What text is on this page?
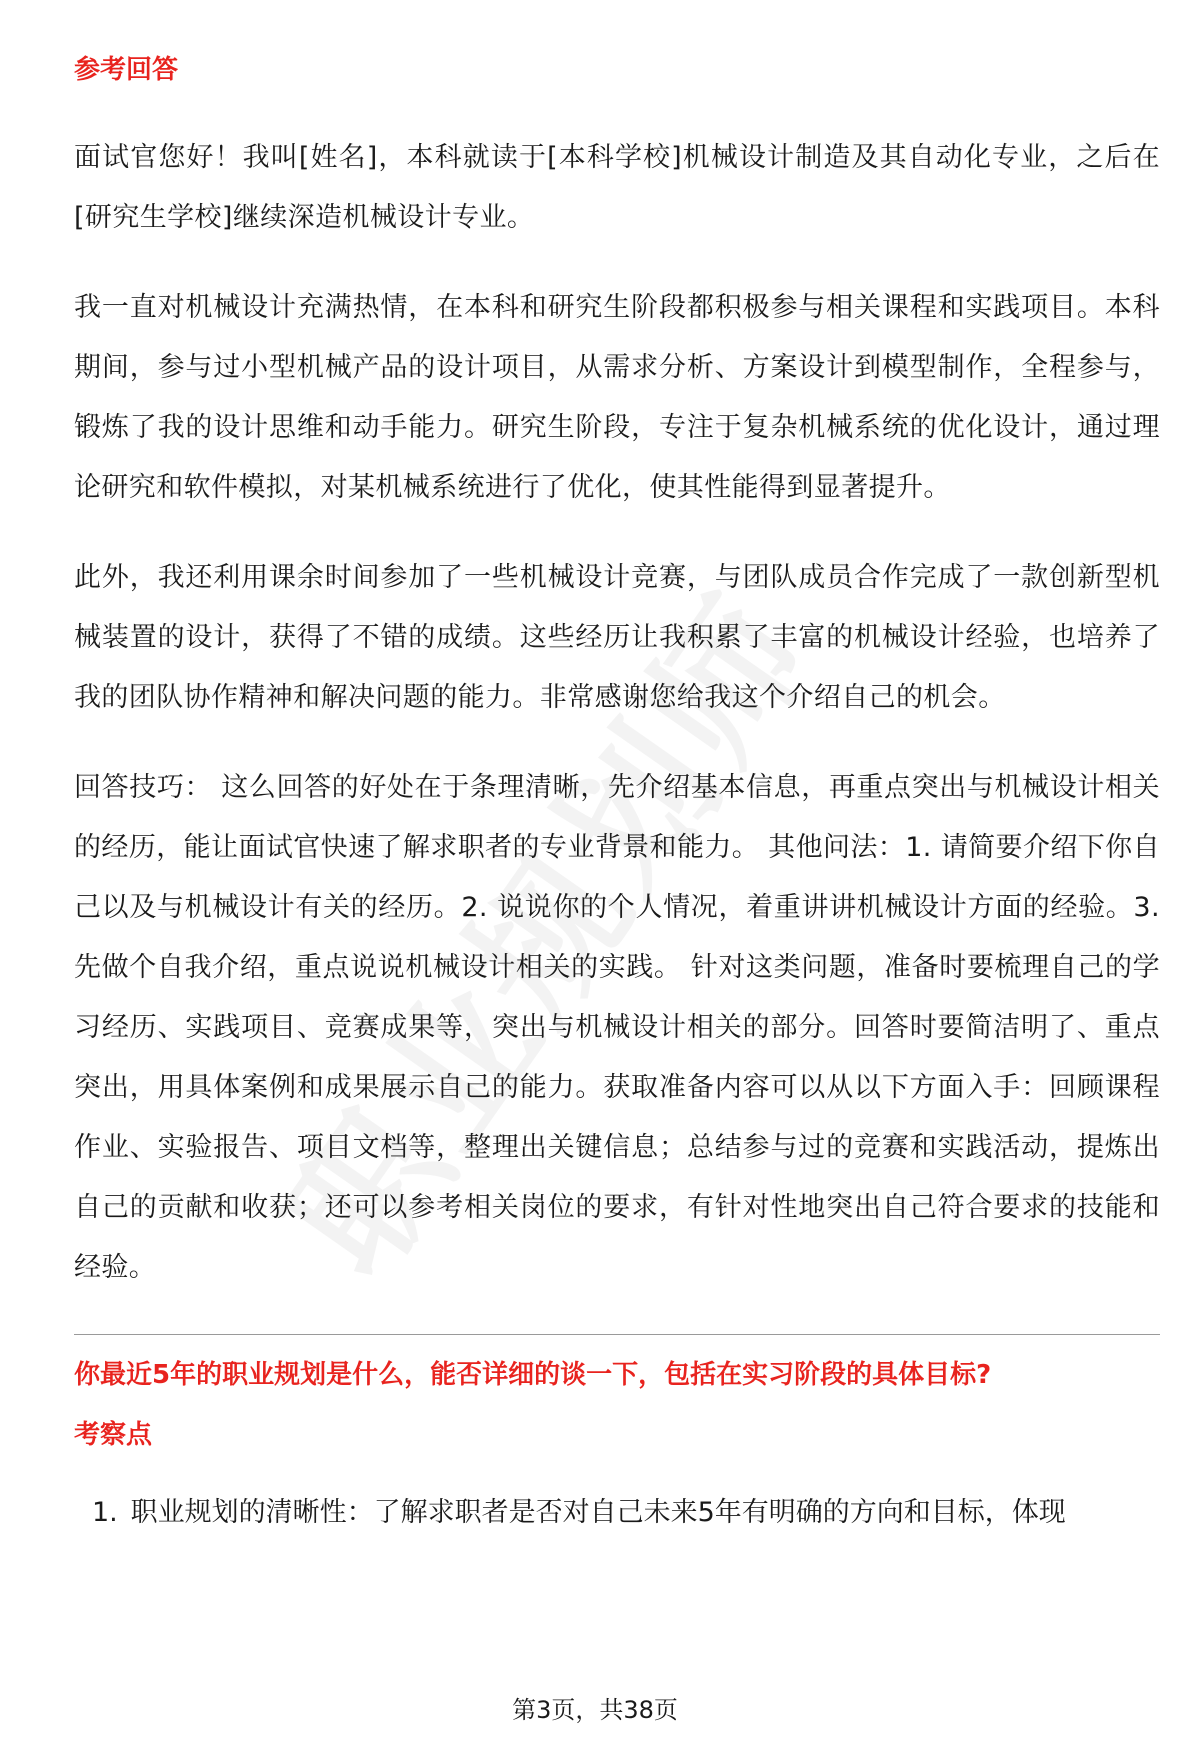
参考回答

面试官您好！我叫[姓名]，本科就读于[本科学校]机械设计制造及其自动化专业，之后在[研究生学校]继续深造机械设计专业。

我一直对机械设计充满热情，在本科和研究生阶段都积极参与相关课程和实践项目。本科期间，参与过小型机械产品的设计项目，从需求分析、方案设计到模型制作，全程参与，锻炼了我的设计思维和动手能力。研究生阶段，专注于复杂机械系统的优化设计，通过理论研究和软件模拟，对某机械系统进行了优化，使其性能得到显著提升。

此外，我还利用课余时间参加了一些机械设计竞赛，与团队成员合作完成了一款创新型机械装置的设计，获得了不错的成绩。这些经历让我积累了丰富的机械设计经验，也培养了我的团队协作精神和解决问题的能力。非常感谢您给我这个介绍自己的机会。

回答技巧： 这么回答的好处在于条理清晰，先介绍基本信息，再重点突出与机械设计相关的经历，能让面试官快速了解求职者的专业背景和能力。 其他问法：1. 请简要介绍下你自己以及与机械设计有关的经历。2. 说说你的个人情况，着重讲讲机械设计方面的经验。3. 先做个自我介绍，重点说说机械设计相关的实践。 针对这类问题，准备时要梳理自己的学习经历、实践项目、竞赛成果等，突出与机械设计相关的部分。回答时要简洁明了、重点突出，用具体案例和成果展示自己的能力。获取准备内容可以从以下方面入手：回顾课程作业、实验报告、项目文档等，整理出关键信息；总结参与过的竞赛和实践活动，提炼出自己的贡献和收获；还可以参考相关岗位的要求，有针对性地突出自己符合要求的技能和经验。

你最近5年的职业规划是什么，能否详细的谈一下，包括在实习阶段的具体目标?
考察点
1. 职业规划的清晰性：了解求职者是否对自己未来5年有明确的方向和目标，体现
第3页，共38页
